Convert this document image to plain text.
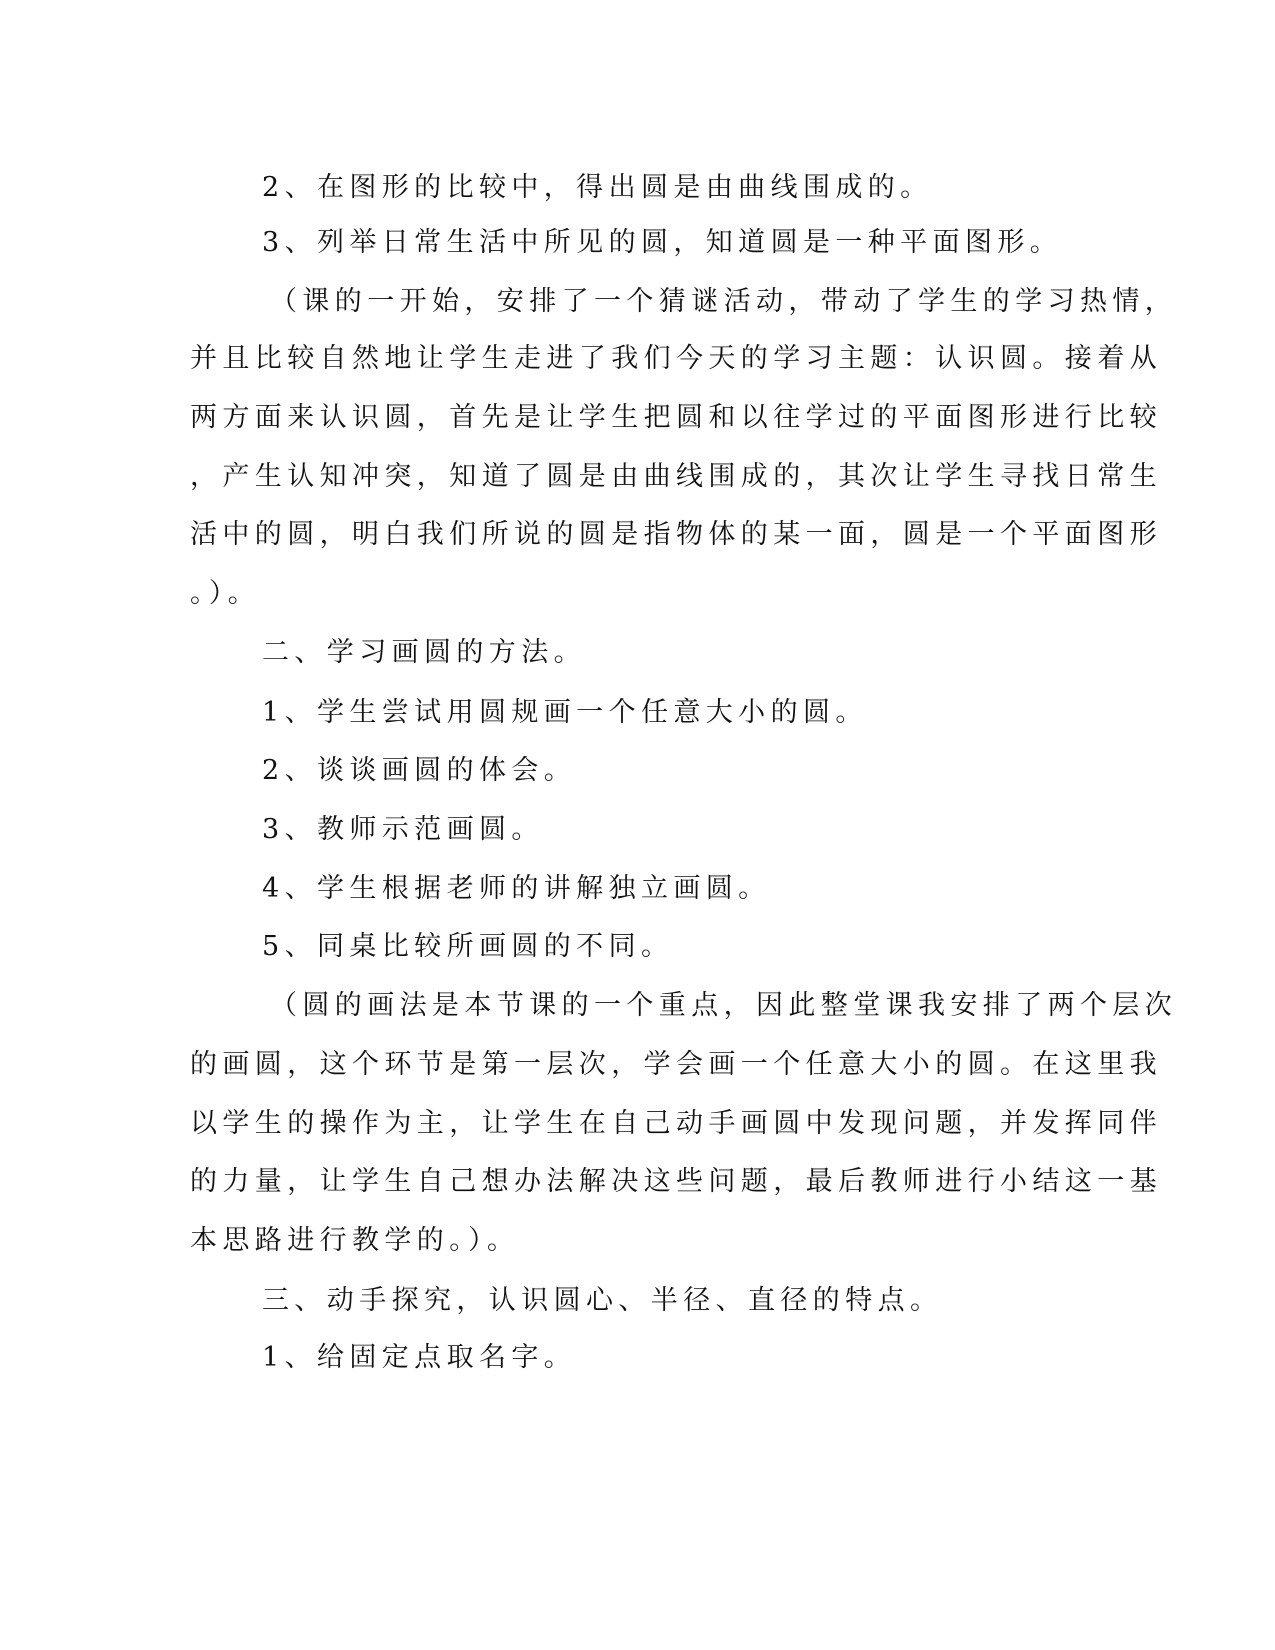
2、在图形的比较中，得出圆是由曲线围成的。
3、列举日常生活中所见的圆，知道圆是一种平面图形。
（课的一开始，安排了一个猜谜活动，带动了学生的学习热情，
并且比较自然地让学生走进了我们今天的学习主题：认识圆。接着从
两方面来认识圆，首先是让学生把圆和以往学过的平面图形进行比较
，产生认知冲突，知道了圆是由曲线围成的，其次让学生寻找日常生
活中的圆，明白我们所说的圆是指物体的某一面，圆是一个平面图形
。）。
二、学习画圆的方法。
1、学生尝试用圆规画一个任意大小的圆。
2、谈谈画圆的体会。
3、教师示范画圆。
4、学生根据老师的讲解独立画圆。
5、同桌比较所画圆的不同。
（圆的画法是本节课的一个重点，因此整堂课我安排了两个层次
的画圆，这个环节是第一层次，学会画一个任意大小的圆。在这里我
以学生的操作为主，让学生在自己动手画圆中发现问题，并发挥同伴
的力量，让学生自己想办法解决这些问题，最后教师进行小结这一基
本思路进行教学的。）。
三、动手探究，认识圆心、半径、直径的特点。
1、给固定点取名字。
